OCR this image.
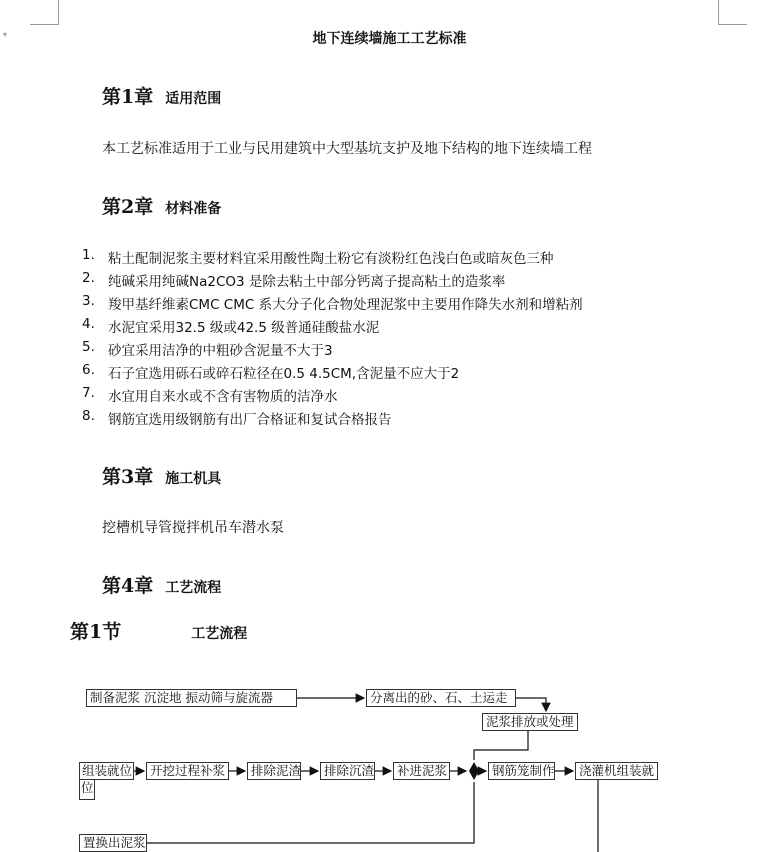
▾	地下连续墙施工工艺标准
第1章 适用范围
本工艺标准适用于工业与民用建筑中大型基坑支护及地下结构的地下连续墙工程
第2章 材料准备
1. 粘土配制泥浆主要材料宜采用酸性陶土粉它有淡粉红色浅白色或暗灰色三种
2. 纯碱采用纯碱Na2CO3 是除去粘土中部分钙离子提高粘土的造浆率
3. 羧甲基纤维素CMC CMC 系大分子化合物处理泥浆中主要用作降失水剂和增粘剂
4. 水泥宜采用32.5 级或42.5 级普通硅酸盐水泥
5. 砂宜采用洁净的中粗砂含泥量不大于3
6. 石子宜选用砾石或碎石粒径在0.5 4.5CM,含泥量不应大于2
7. 水宜用自来水或不含有害物质的洁净水
8. 钢筋宜选用级钢筋有出厂合格证和复试合格报告
第3章 施工机具
挖槽机导管搅拌机吊车潜水泵
第4章 工艺流程
第1节	工艺流程
制备泥浆 沉淀地 振动筛与旋流器	分离出的砂、石、土运走
泥浆排放或处理
组装就位
位
开挖过程补浆	排除泥渣	排除沉渣	补进泥浆	钢筋笼制作	浇灌机组装就
置换出泥浆
